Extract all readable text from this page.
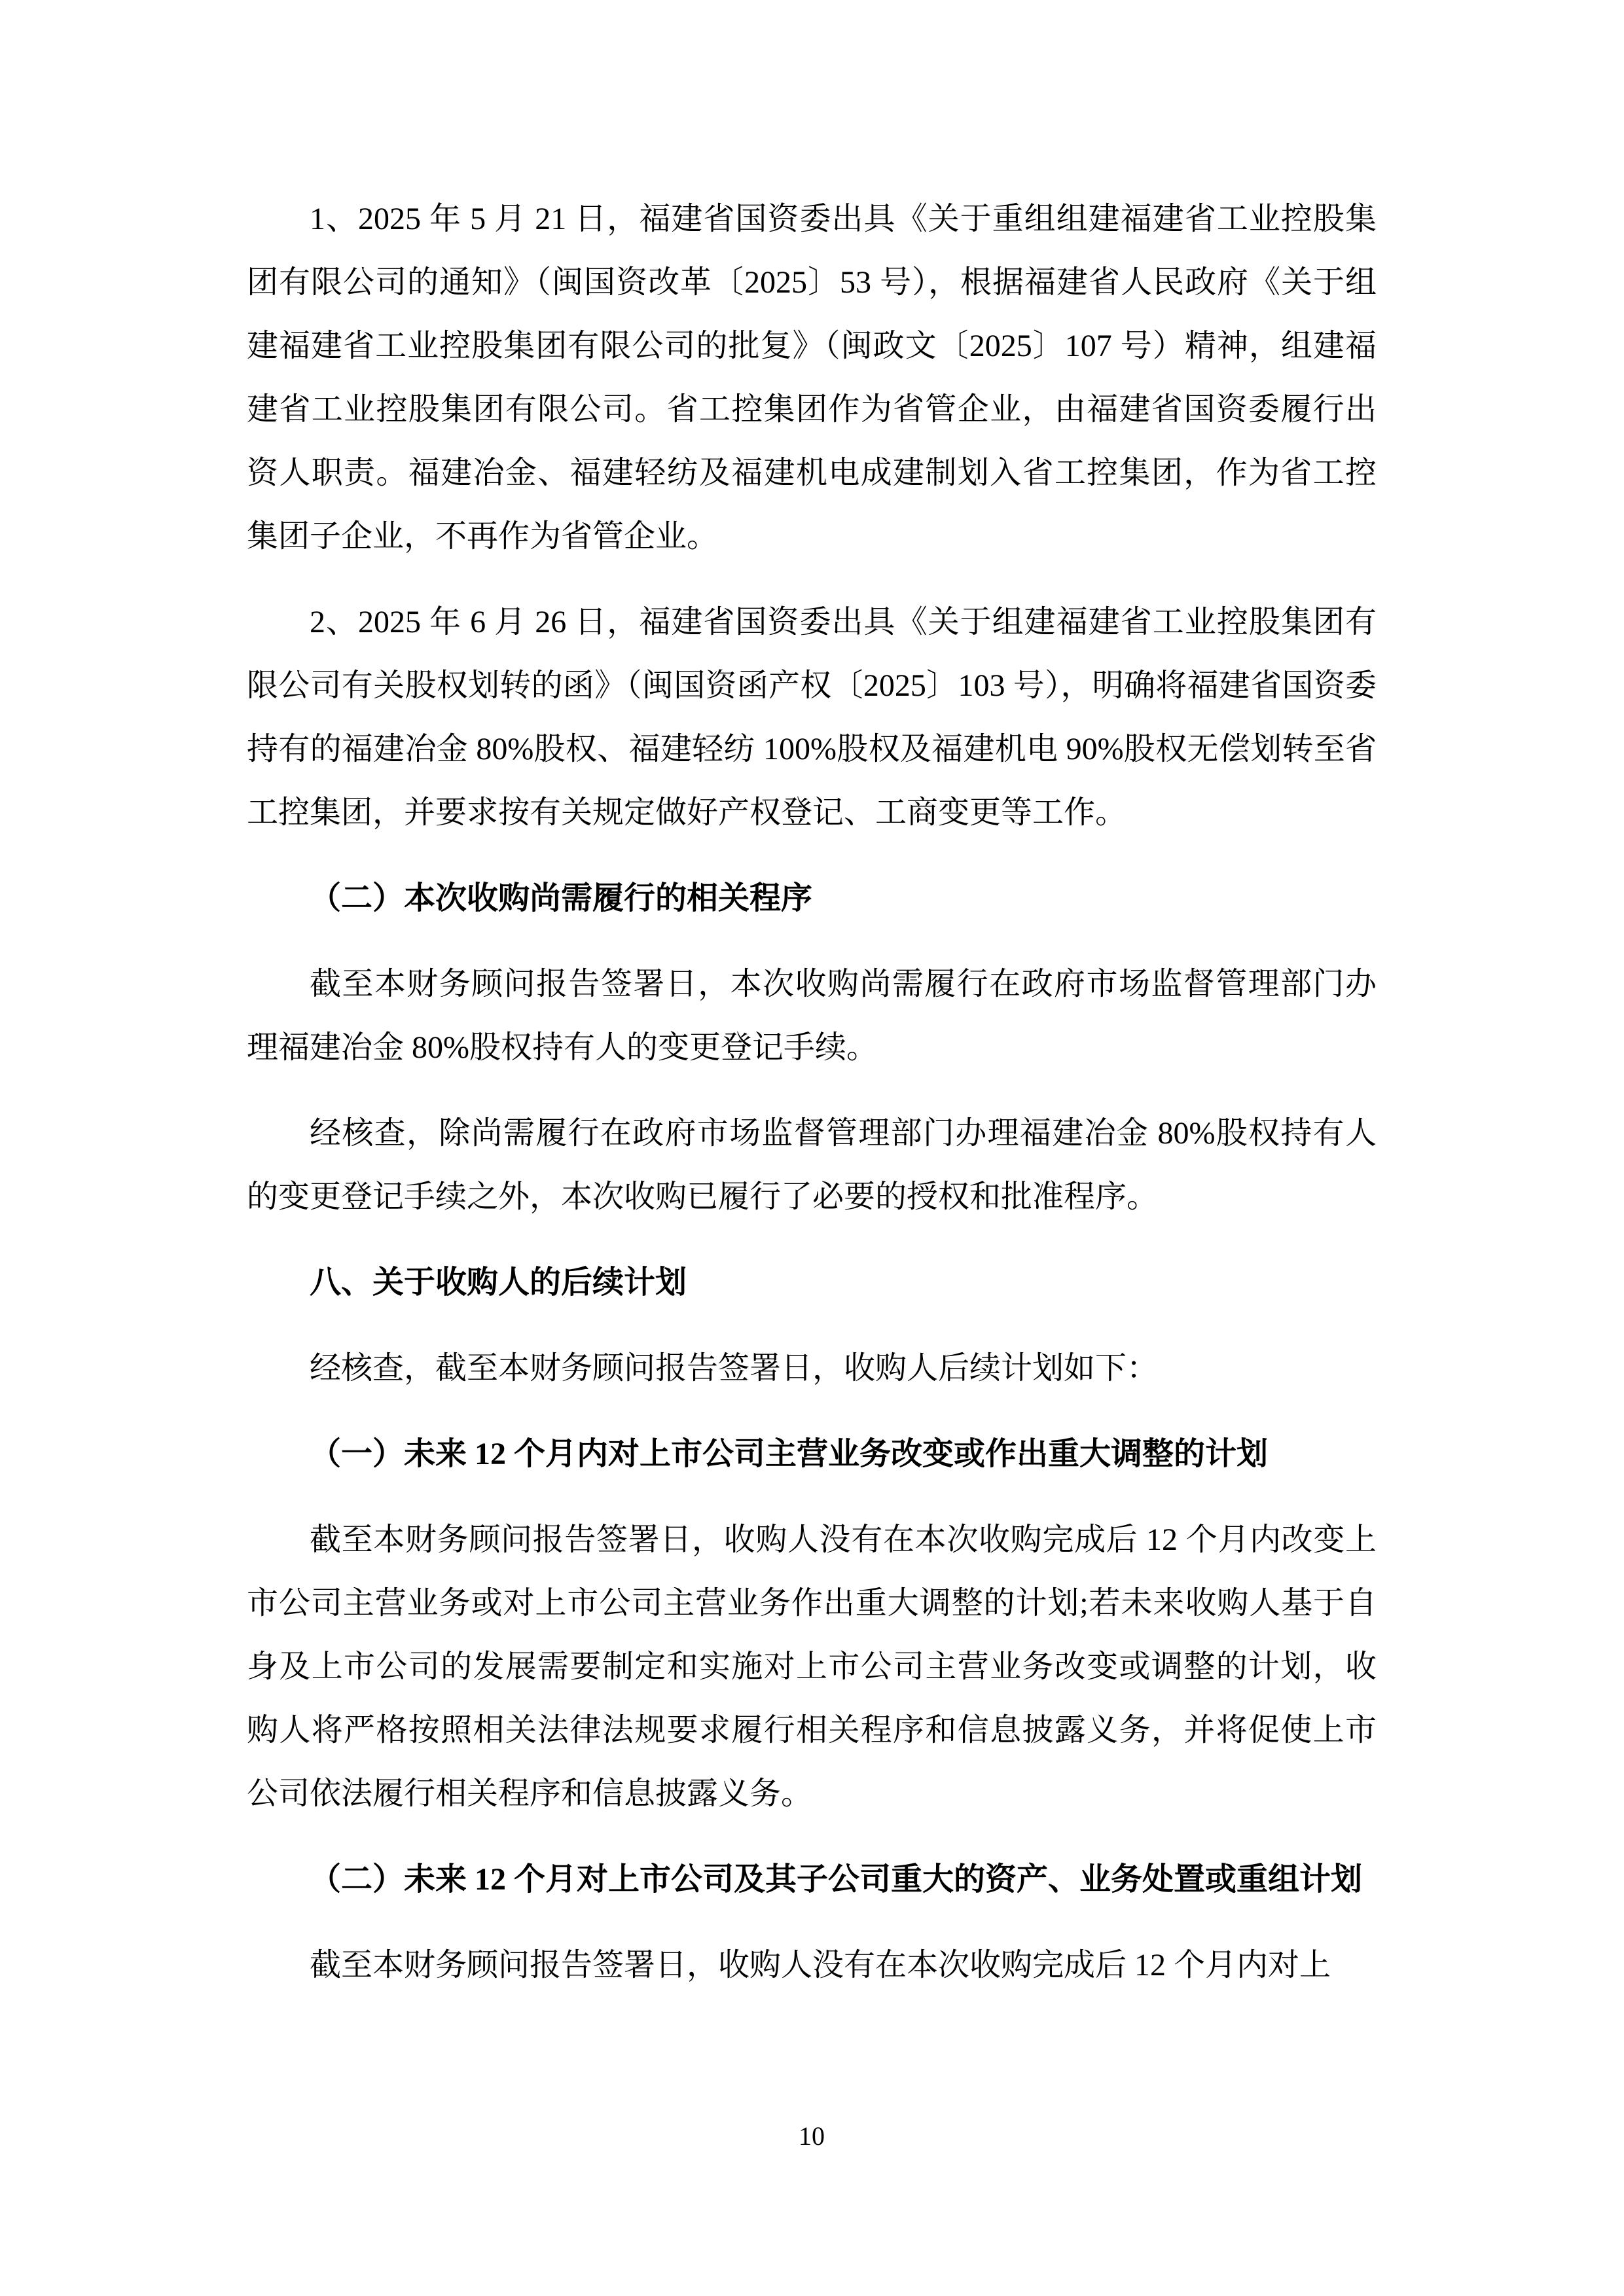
1、2025 年 5 月 21 日，福建省国资委出具《关于重组组建福建省工业控股集团有限公司的通知》（闽国资改革〔2025〕53 号），根据福建省人民政府《关于组建福建省工业控股集团有限公司的批复》（闽政文〔2025〕107 号）精神，组建福建省工业控股集团有限公司。省工控集团作为省管企业，由福建省国资委履行出资人职责。福建冶金、福建轻纺及福建机电成建制划入省工控集团，作为省工控集团子企业，不再作为省管企业。

2、2025 年 6 月 26 日，福建省国资委出具《关于组建福建省工业控股集团有限公司有关股权划转的函》（闽国资函产权〔2025〕103 号），明确将福建省国资委持有的福建冶金 80%股权、福建轻纺 100%股权及福建机电 90%股权无偿划转至省工控集团，并要求按有关规定做好产权登记、工商变更等工作。

（二）本次收购尚需履行的相关程序

截至本财务顾问报告签署日，本次收购尚需履行在政府市场监督管理部门办理福建冶金 80%股权持有人的变更登记手续。

经核查，除尚需履行在政府市场监督管理部门办理福建冶金 80%股权持有人的变更登记手续之外，本次收购已履行了必要的授权和批准程序。

八、关于收购人的后续计划

经核查，截至本财务顾问报告签署日，收购人后续计划如下：

（一）未来 12 个月内对上市公司主营业务改变或作出重大调整的计划

截至本财务顾问报告签署日，收购人没有在本次收购完成后 12 个月内改变上市公司主营业务或对上市公司主营业务作出重大调整的计划;若未来收购人基于自身及上市公司的发展需要制定和实施对上市公司主营业务改变或调整的计划，收购人将严格按照相关法律法规要求履行相关程序和信息披露义务，并将促使上市公司依法履行相关程序和信息披露义务。

（二）未来 12 个月对上市公司及其子公司重大的资产、业务处置或重组计划

截至本财务顾问报告签署日，收购人没有在本次收购完成后 12 个月内对上

10
